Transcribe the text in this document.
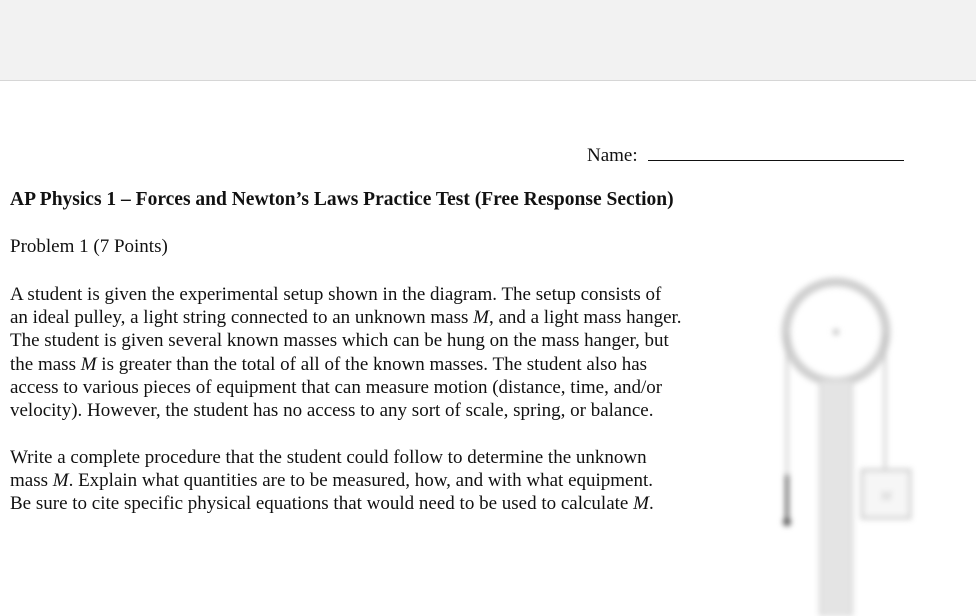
Name:
AP Physics 1 – Forces and Newton’s Laws Practice Test (Free Response Section)
Problem 1 (7 Points)
A student is given the experimental setup shown in the diagram. The setup consists of
an ideal pulley, a light string connected to an unknown mass M, and a light mass hanger.
The student is given several known masses which can be hung on the mass hanger, but
the mass M is greater than the total of all of the known masses. The student also has
access to various pieces of equipment that can measure motion (distance, time, and/or
velocity). However, the student has no access to any sort of scale, spring, or balance.
Write a complete procedure that the student could follow to determine the unknown
mass M. Explain what quantities are to be measured, how, and with what equipment.
Be sure to cite specific physical equations that would need to be used to calculate M.	M
